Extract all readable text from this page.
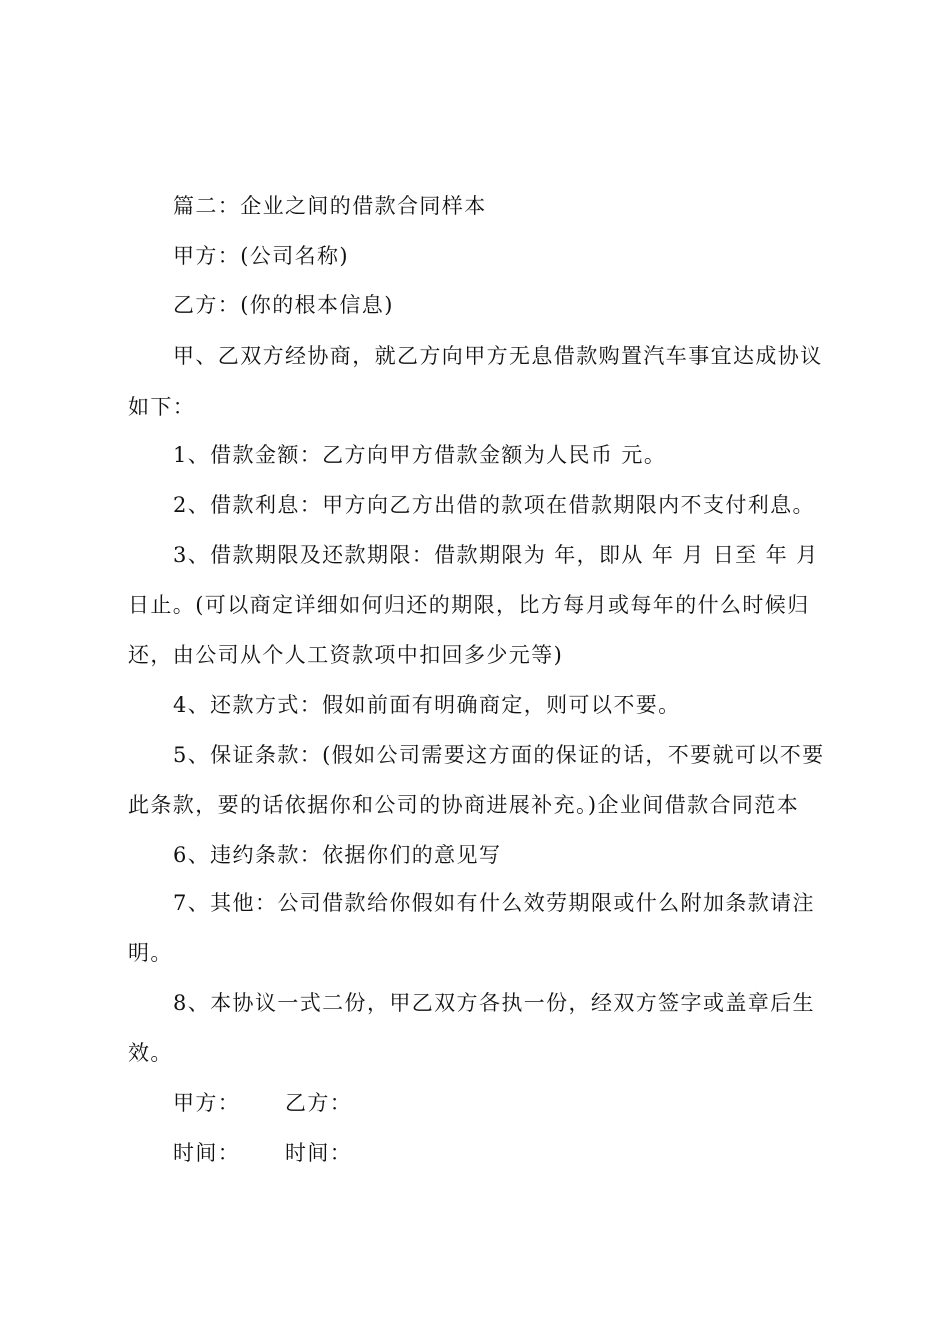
篇二：企业之间的借款合同样本
甲方：(公司名称)
乙方：(你的根本信息)
甲、乙双方经协商，就乙方向甲方无息借款购置汽车事宜达成协议
如下：
1、借款金额：乙方向甲方借款金额为人民币 元。
2、借款利息：甲方向乙方出借的款项在借款期限内不支付利息。
3、借款期限及还款期限：借款期限为 年，即从 年 月 日至 年 月
日止。(可以商定详细如何归还的期限，比方每月或每年的什么时候归
还，由公司从个人工资款项中扣回多少元等)
4、还款方式：假如前面有明确商定，则可以不要。
5、保证条款：(假如公司需要这方面的保证的话，不要就可以不要
此条款，要的话依据你和公司的协商进展补充。)企业间借款合同范本
6、违约条款：依据你们的意见写
7、其他：公司借款给你假如有什么效劳期限或什么附加条款请注
明。
8、本协议一式二份，甲乙双方各执一份，经双方签字或盖章后生
效。
甲方： 乙方：
时间： 时间：
